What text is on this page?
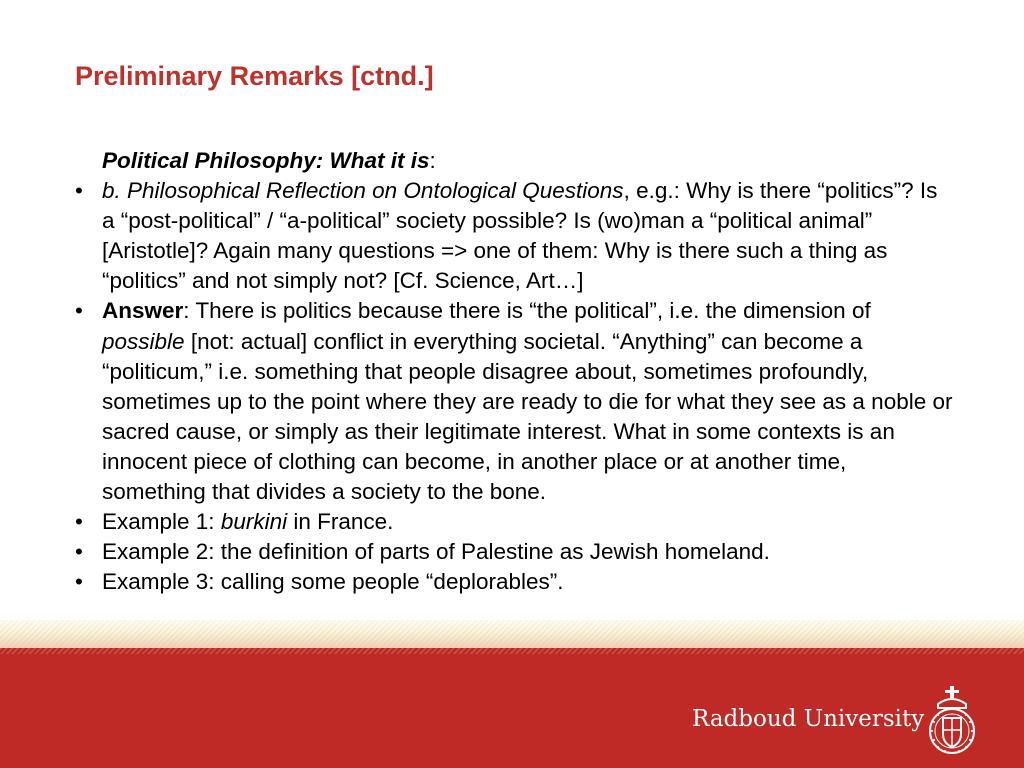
Preliminary Remarks [ctnd.]

Political Philosophy: What it is:

• b. Philosophical Reflection on Ontological Questions, e.g.: Why is there “politics”? Is a “post-political” / “a-political” society possible? Is (wo)man a “political animal” [Aristotle]? Again many questions => one of them: Why is there such a thing as “politics” and not simply not? [Cf. Science, Art…]

• Answer: There is politics because there is “the political”, i.e. the dimension of possible [not: actual] conflict in everything societal. “Anything” can become a “politicum,” i.e. something that people disagree about, sometimes profoundly, sometimes up to the point where they are ready to die for what they see as a noble or sacred cause, or simply as their legitimate interest. What in some contexts is an innocent piece of clothing can become, in another place or at another time, something that divides a society to the bone.

• Example 1: burkini in France.

• Example 2: the definition of parts of Palestine as Jewish homeland.

• Example 3: calling some people “deplorables”.

Radboud University
